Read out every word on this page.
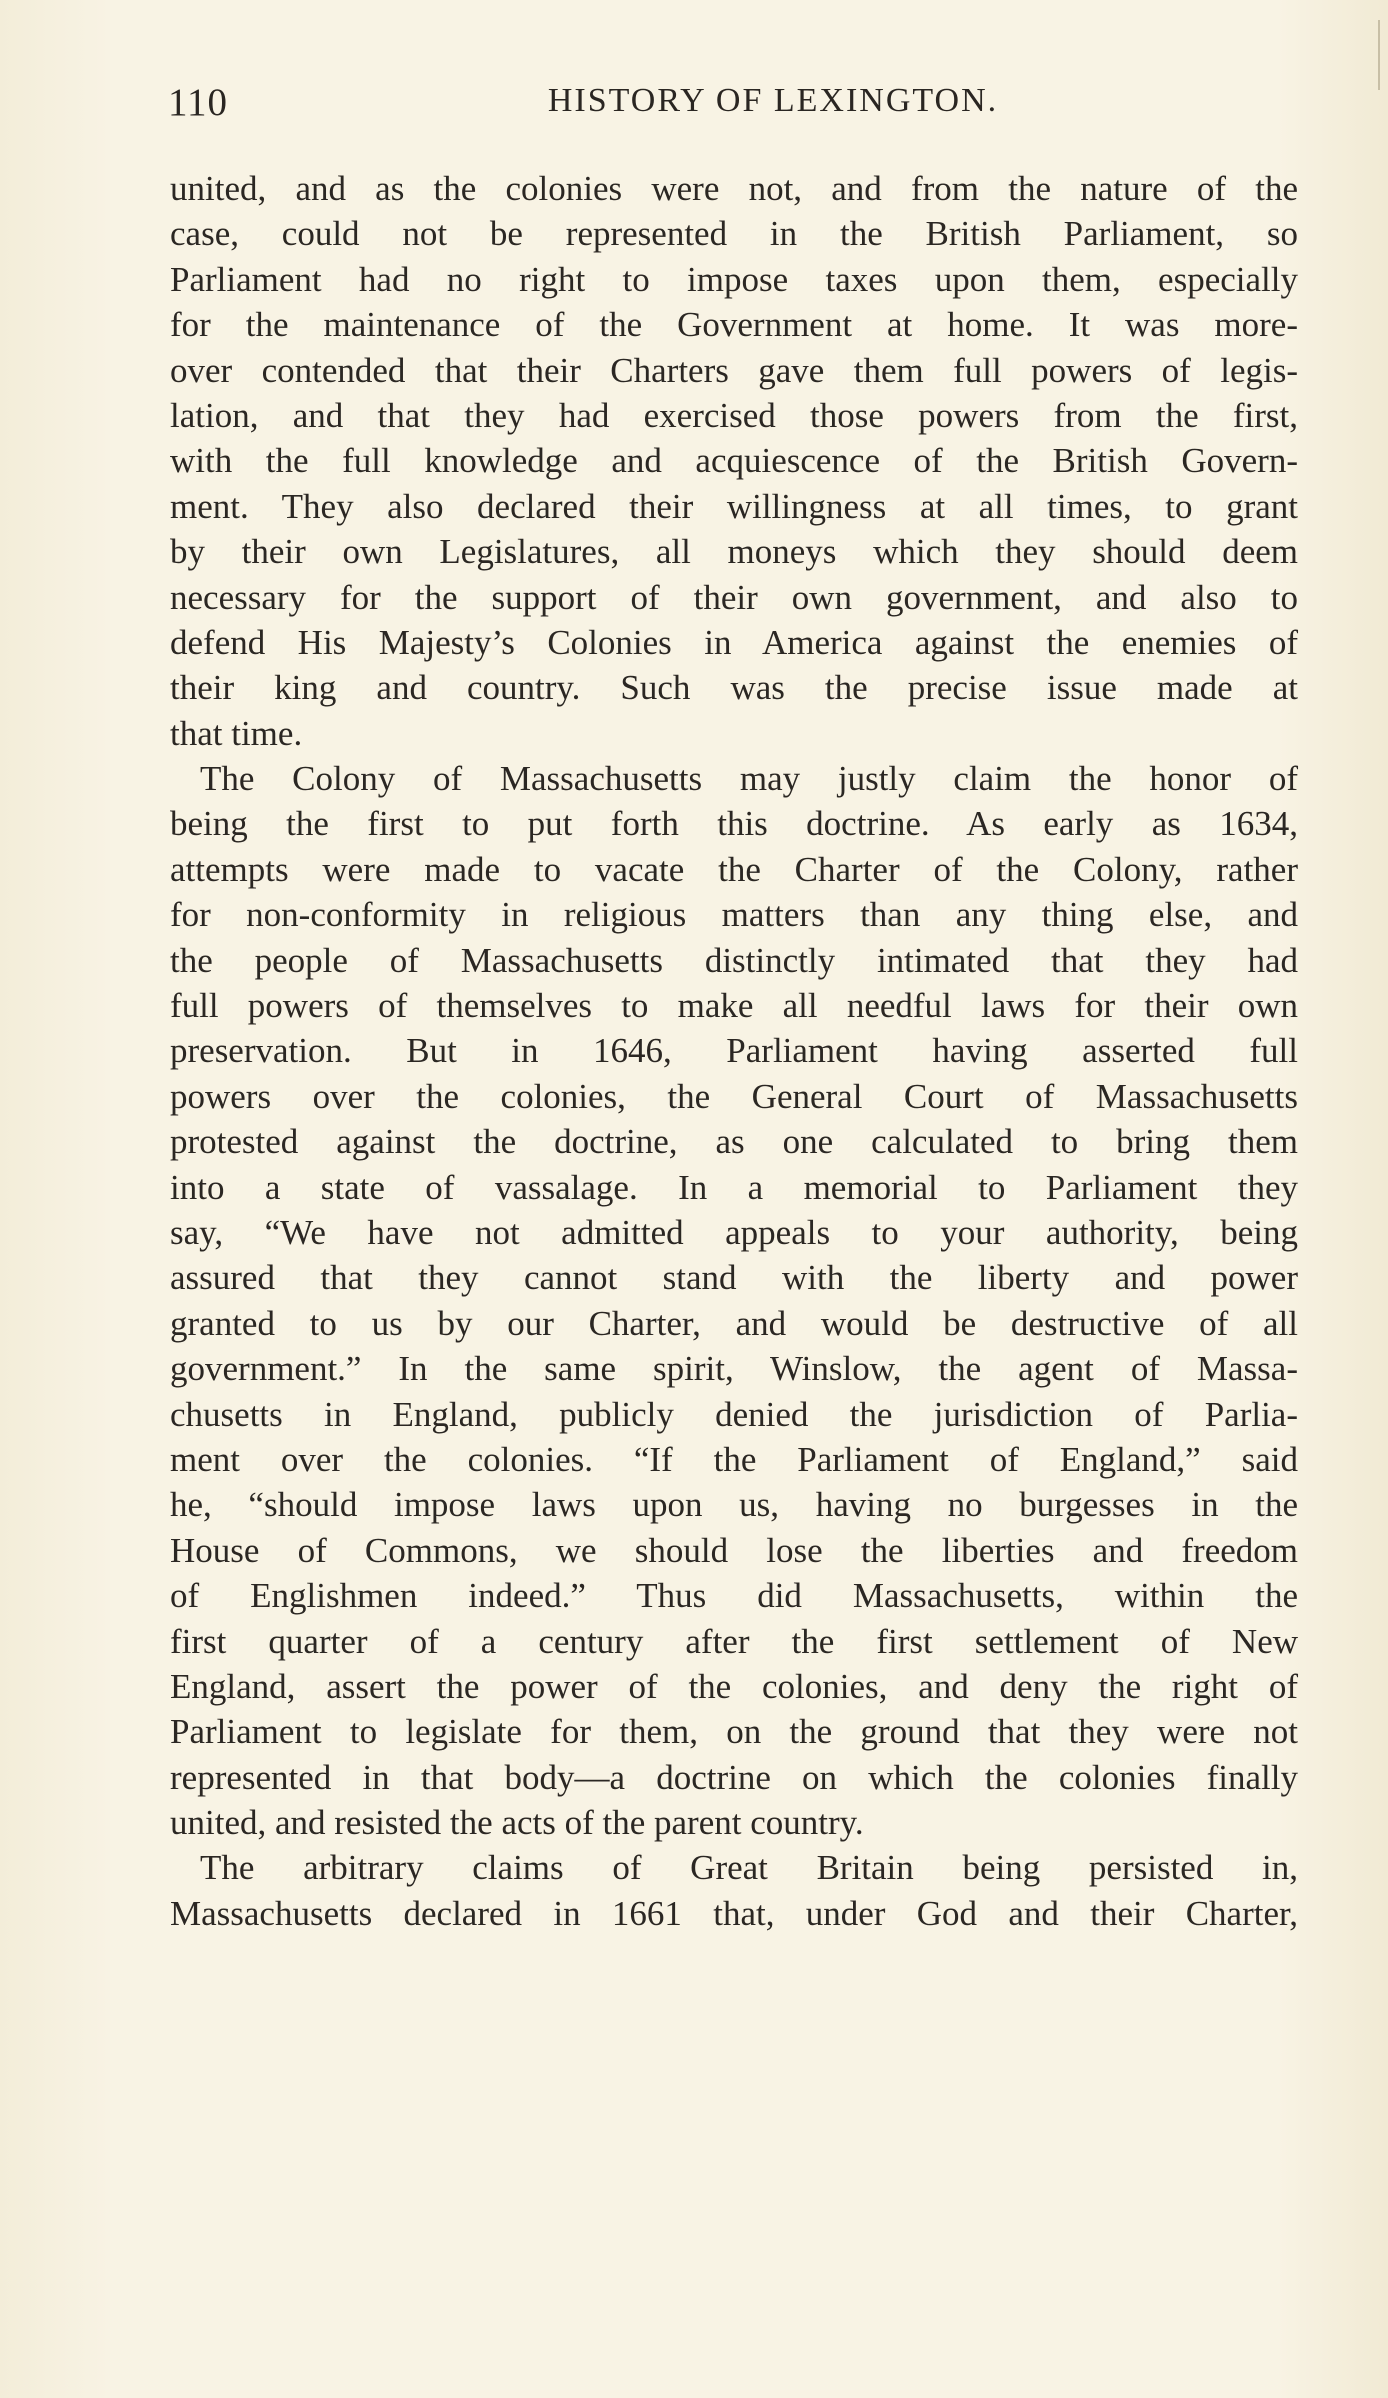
110	HISTORY OF LEXINGTON.
united, and as the colonies were not, and from the nature of the
case, could not be represented in the British Parliament, so
Parliament had no right to impose taxes upon them, especially
for the maintenance of the Government at home. It was more-
over contended that their Charters gave them full powers of legis-
lation, and that they had exercised those powers from the first,
with the full knowledge and acquiescence of the British Govern-
ment. They also declared their willingness at all times, to grant
by their own Legislatures, all moneys which they should deem
necessary for the support of their own government, and also to
defend His Majesty’s Colonies in America against the enemies of
their king and country. Such was the precise issue made at
that time.
The Colony of Massachusetts may justly claim the honor of
being the first to put forth this doctrine. As early as 1634,
attempts were made to vacate the Charter of the Colony, rather
for non-conformity in religious matters than any thing else, and
the people of Massachusetts distinctly intimated that they had
full powers of themselves to make all needful laws for their own
preservation. But in 1646, Parliament having asserted full
powers over the colonies, the General Court of Massachusetts
protested against the doctrine, as one calculated to bring them
into a state of vassalage. In a memorial to Parliament they
say, “We have not admitted appeals to your authority, being
assured that they cannot stand with the liberty and power
granted to us by our Charter, and would be destructive of all
government.” In the same spirit, Winslow, the agent of Massa-
chusetts in England, publicly denied the jurisdiction of Parlia-
ment over the colonies. “If the Parliament of England,” said
he, “should impose laws upon us, having no burgesses in the
House of Commons, we should lose the liberties and freedom
of Englishmen indeed.” Thus did Massachusetts, within the
first quarter of a century after the first settlement of New
England, assert the power of the colonies, and deny the right of
Parliament to legislate for them, on the ground that they were not
represented in that body—a doctrine on which the colonies finally
united, and resisted the acts of the parent country.
The arbitrary claims of Great Britain being persisted in,
Massachusetts declared in 1661 that, under God and their Charter,
